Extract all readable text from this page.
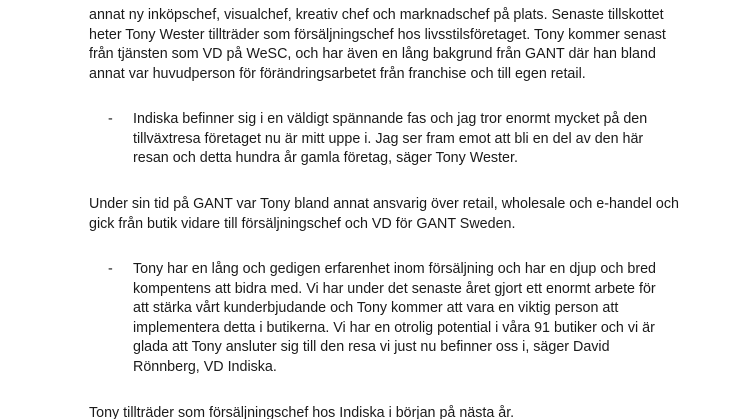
annat ny inköpschef, visualchef, kreativ chef och marknadschef på plats. Senaste tillskottet
heter Tony Wester tillträder som försäljningschef hos livsstilsföretaget. Tony kommer senast
från tjänsten som VD på WeSC, och har även en lång bakgrund från GANT där han bland
annat var huvudperson för förändringsarbetet från franchise och till egen retail.

- Indiska befinner sig i en väldigt spännande fas och jag tror enormt mycket på den
tillväxtresa företaget nu är mitt uppe i. Jag ser fram emot att bli en del av den här
resan och detta hundra år gamla företag, säger Tony Wester.

Under sin tid på GANT var Tony bland annat ansvarig över retail, wholesale och e-handel och
gick från butik vidare till försäljningschef och VD för GANT Sweden.

- Tony har en lång och gedigen erfarenhet inom försäljning och har en djup och bred
kompentens att bidra med. Vi har under det senaste året gjort ett enormt arbete för
att stärka vårt kunderbjudande och Tony kommer att vara en viktig person att
implementera detta i butikerna. Vi har en otrolig potential i våra 91 butiker och vi är
glada att Tony ansluter sig till den resa vi just nu befinner oss i, säger David
Rönnberg, VD Indiska.

Tony tillträder som försäljningschef hos Indiska i början på nästa år.
